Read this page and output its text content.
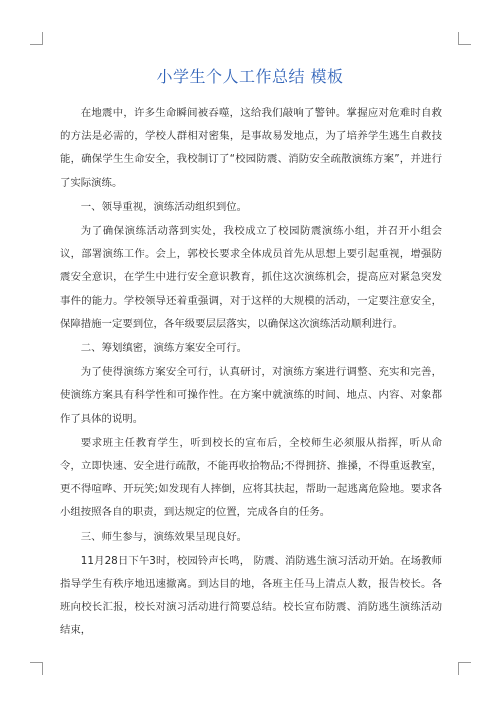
小学生个人工作总结 模板

在地震中，许多生命瞬间被吞噬，这给我们敲响了警钟。掌握应对危难时自救的方法是必需的，学校人群相对密集，是事故易发地点，为了培养学生逃生自救技能，确保学生生命安全，我校制订了“校园防震、消防安全疏散演练方案”，并进行了实际演练。

一、领导重视，演练活动组织到位。

为了确保演练活动落到实处，我校成立了校园防震演练小组，并召开小组会议，部署演练工作。会上，郭校长要求全体成员首先从思想上要引起重视，增强防震安全意识，在学生中进行安全意识教育，抓住这次演练机会，提高应对紧急突发事件的能力。学校领导还着重强调，对于这样的大规模的活动，一定要注意安全，保障措施一定要到位，各年级要层层落实，以确保这次演练活动顺利进行。

二、筹划缜密，演练方案安全可行。

为了使得演练方案安全可行，认真研讨，对演练方案进行调整、充实和完善，使演练方案具有科学性和可操作性。在方案中就演练的时间、地点、内容、对象都作了具体的说明。

要求班主任教育学生，听到校长的宣布后，全校师生必须服从指挥，听从命令，立即快速、安全进行疏散，不能再收拾物品;不得拥挤、推搡，不得重返教室，更不得喧哗、开玩笑;如发现有人摔倒，应将其扶起，帮助一起逃离危险地。要求各小组按照各自的职责，到达规定的位置，完成各自的任务。

三、师生参与，演练效果呈现良好。

11月28日下午3时，校园铃声长鸣， 防震、消防逃生演习活动开始。在场教师指导学生有秩序地迅速撤离。到达目的地，各班主任马上清点人数，报告校长。各班向校长汇报，校长对演习活动进行简要总结。校长宣布防震、消防逃生演练活动结束，
